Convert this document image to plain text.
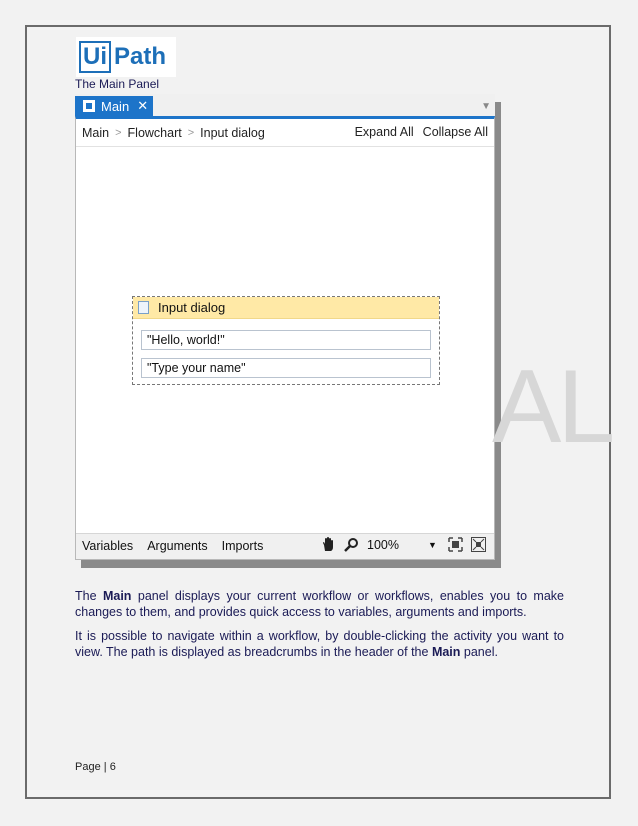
Ui Path
The Main Panel
Main ✕	▼
Main > Flowchart > Input dialog	Expand All Collapse All
Input dialog
"Hello, world!"
"Type your name"
Variables Arguments Imports	100%	▼
AL

The Main panel displays your current workflow or workflows, enables you to make changes to them, and provides quick access to variables, arguments and imports.

It is possible to navigate within a workflow, by double-clicking the activity you want to view. The path is displayed as breadcrumbs in the header of the Main panel.

Page | 6
